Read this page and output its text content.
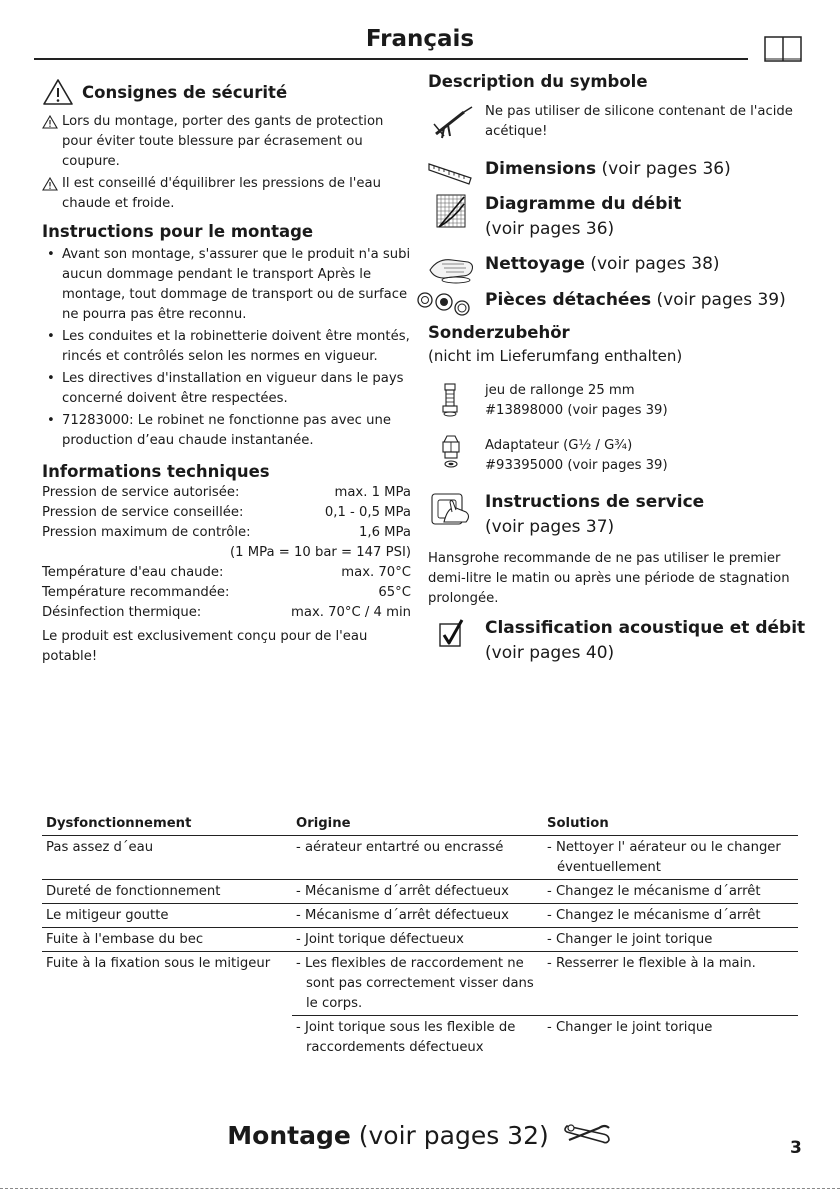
Français
Consignes de sécurité
Lors du montage, porter des gants de protection pour éviter toute blessure par écrasement ou coupure.
Il est conseillé d'équilibrer les pressions de l'eau chaude et froide.
Instructions pour le montage
• Avant son montage, s'assurer que le produit n'a subi aucun dommage pendant le transport Après le montage, tout dommage de transport ou de surface ne pourra pas être reconnu.
• Les conduites et la robinetterie doivent être montés, rincés et contrôlés selon les normes en vigueur.
• Les directives d'installation en vigueur dans le pays concerné doivent être respectées.
• 71283000: Le robinet ne fonctionne pas avec une production d’eau chaude instantanée.
Informations techniques
Pression de service autorisée:	max. 1 MPa
Pression de service conseillée:	0,1 - 0,5 MPa
Pression maximum de contrôle:	1,6 MPa
(1 MPa = 10 bar = 147 PSI)
Température d'eau chaude:	max. 70°C
Température recommandée:	65°C
Désinfection thermique:	max. 70°C / 4 min
Le produit est exclusivement conçu pour de l'eau potable!
Description du symbole
Ne pas utiliser de silicone contenant de l'acide acétique!
Dimensions (voir pages 36)
Diagramme du débit
(voir pages 36)
Nettoyage (voir pages 38)
Pièces détachées (voir pages 39)
Sonderzubehör
(nicht im Lieferumfang enthalten)
jeu de rallonge 25 mm
#13898000 (voir pages 39)
Adaptateur (G½ / G¾)
#93395000 (voir pages 39)
Instructions de service
(voir pages 37)
Hansgrohe recommande de ne pas utiliser le premier demi-litre le matin ou après une période de stagnation prolongée.
Classification acoustique et débit
(voir pages 40)
Dysfonctionnement	Origine	Solution
Pas assez d´eau	- aérateur entartré ou encrassé	- Nettoyer l' aérateur ou le changer éventuellement

Dureté de fonctionnement	- Mécanisme d´arrêt défectueux	- Changez le mécanisme d´arrêt

Le mitigeur goutte	- Mécanisme d´arrêt défectueux	- Changez le mécanisme d´arrêt

Fuite à l'embase du bec	- Joint torique défectueux	- Changer le joint torique

Fuite à la fixation sous le mitigeur	- Les flexibles de raccordement ne sont pas correctement visser dans le corps.	- Resserrer le flexible à la main.

	- Joint torique sous les flexible de raccordements défectueux	- Changer le joint torique
Montage (voir pages 32)	3
